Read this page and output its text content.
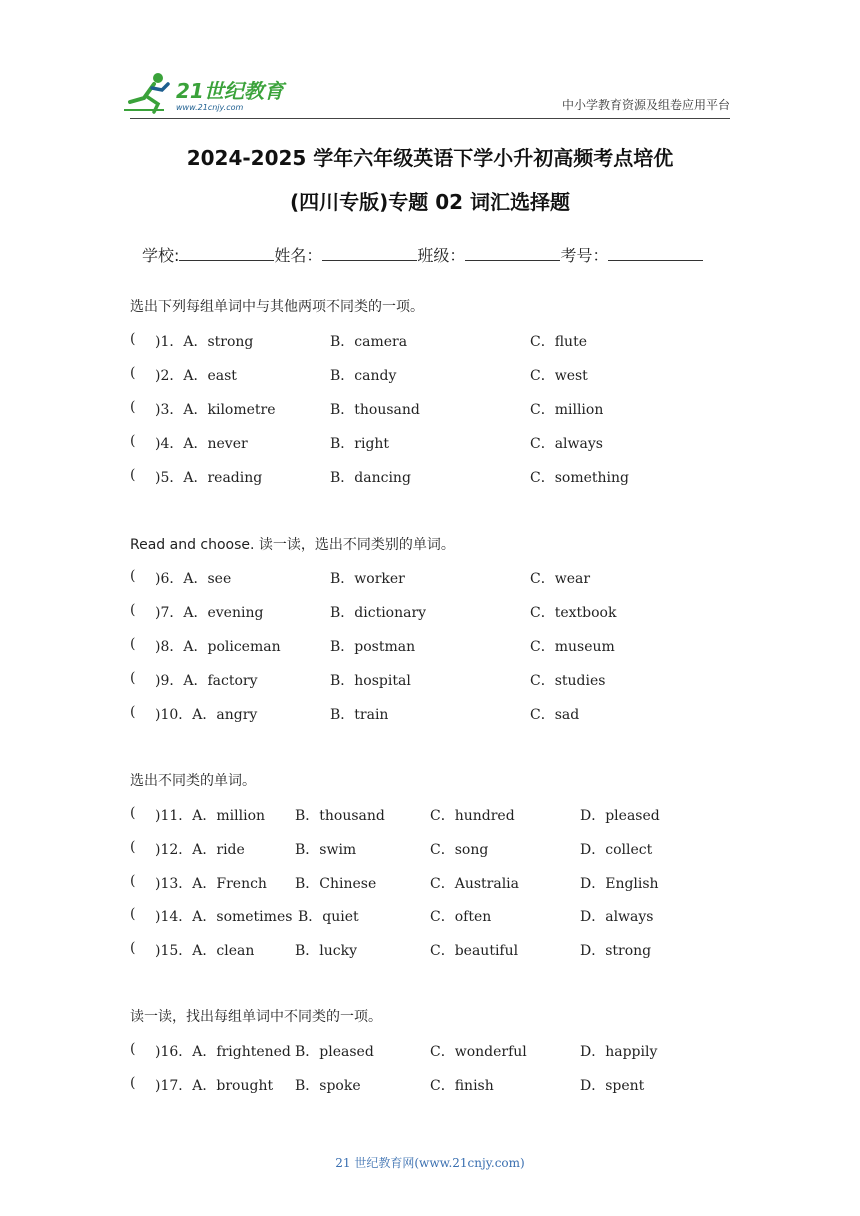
21世纪教育
www.21cnjy.com	中小学教育资源及组卷应用平台
2024-2025 学年六年级英语下学小升初高频考点培优
(四川专版)专题 02 词汇选择题
学校:	姓名：	班级：	考号：
选出下列每组单词中与其他两项不同类的一项。
( )1．A．strong	B．camera	C．flute
( )2．A．east	B．candy	C．west
( )3．A．kilometre	B．thousand	C．million
( )4．A．never	B．right	C．always
( )5．A．reading	B．dancing	C．something
Read and choose. 读一读，选出不同类别的单词。
( )6．A．see	B．worker	C．wear
( )7．A．evening	B．dictionary	C．textbook
( )8．A．policeman	B．postman	C．museum
( )9．A．factory	B．hospital	C．studies
( )10．A．angry	B．train	C．sad
选出不同类的单词。
( )11．A．million B．thousand	C．hundred	D．pleased
( )12．A．ride	B．swim	C．song	D．collect
( )13．A．French B．Chinese	C．Australia	D．English
( )14．A．sometimes B．quiet	C．often	D．always
( )15．A．clean	B．lucky	C．beautiful	D．strong
读一读，找出每组单词中不同类的一项。
( )16．A．frightened B．pleased	C．wonderful	D．happily
( )17．A．brought B．spoke	C．finish	D．spent
21 世纪教育网(www.21cnjy.com)
